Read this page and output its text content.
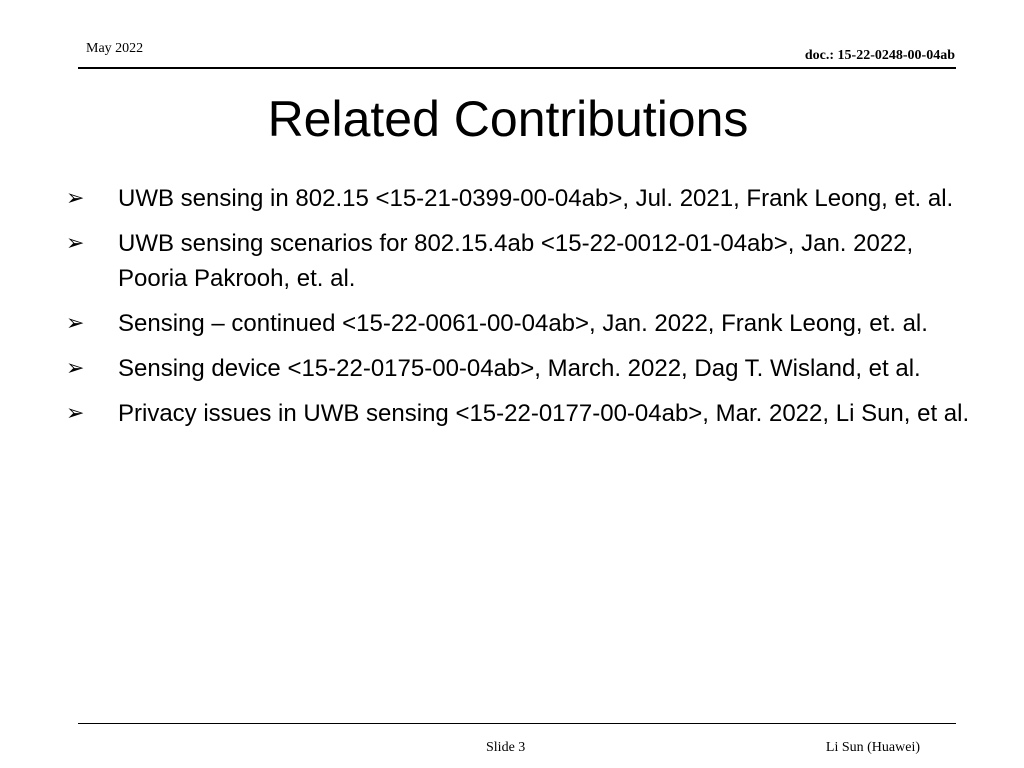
May 2022	doc.: 15-22-0248-00-04ab
Related Contributions
➢ UWB sensing in 802.15 <15-21-0399-00-04ab>, Jul. 2021, Frank Leong, et. al.
➢ UWB sensing scenarios for 802.15.4ab <15-22-0012-01-04ab>, Jan. 2022, Pooria Pakrooh, et. al.
➢ Sensing – continued <15-22-0061-00-04ab>, Jan. 2022, Frank Leong, et. al.
➢ Sensing device <15-22-0175-00-04ab>, March. 2022, Dag T. Wisland, et al.
➢ Privacy issues in UWB sensing <15-22-0177-00-04ab>, Mar. 2022, Li Sun, et al.
Slide 3	Li Sun (Huawei)
